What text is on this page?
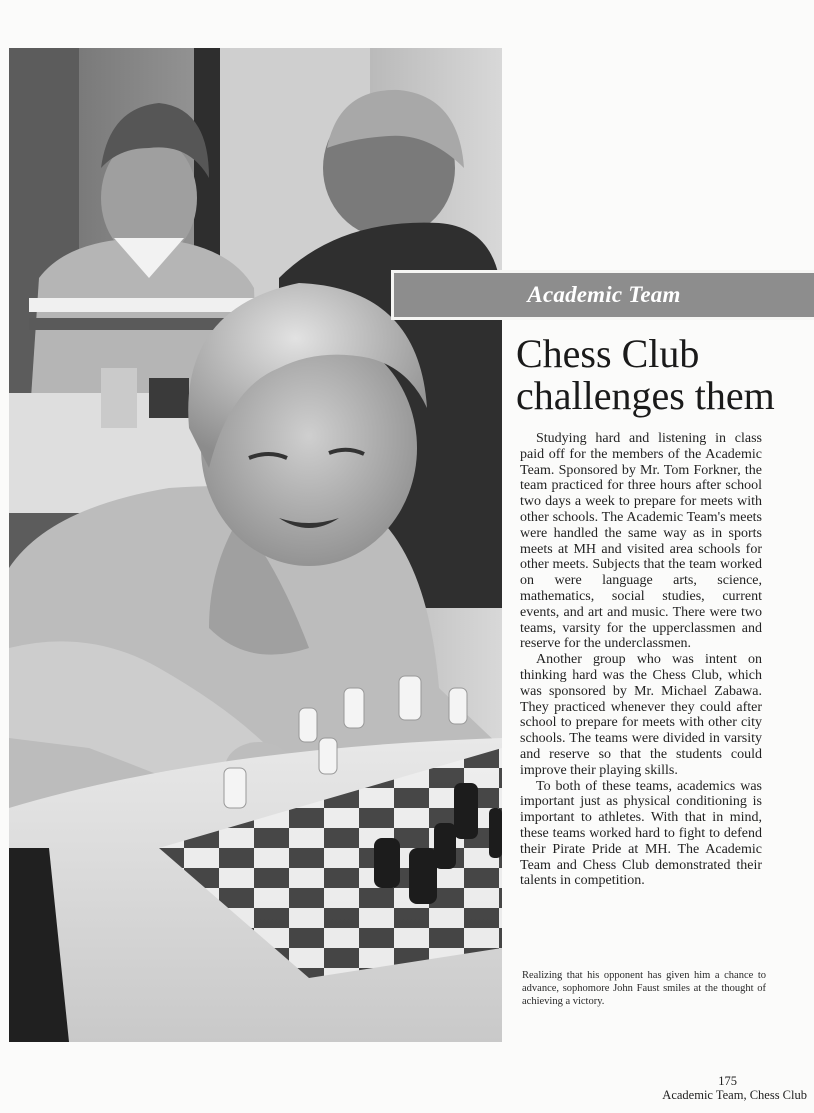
Academic Team
Chess Club
challenges them

Studying hard and listening in class paid off for the members of the Academic Team. Sponsored by Mr. Tom Forkner, the team practiced for three hours after school two days a week to prepare for meets with other schools. The Academic Team's meets were handled the same way as in sports meets at MH and visited area schools for other meets. Subjects that the team worked on were language arts, science, mathematics, social studies, current events, and art and music. There were two teams, varsity for the upperclassmen and reserve for the underclassmen.

Another group who was intent on thinking hard was the Chess Club, which was sponsored by Mr. Michael Zabawa. They practiced whenever they could after school to prepare for meets with other city schools. The teams were divided in varsity and reserve so that the students could improve their playing skills.

To both of these teams, academics was important just as physical conditioning is important to athletes. With that in mind, these teams worked hard to fight to defend their Pirate Pride at MH. The Academic Team and Chess Club demonstrated their talents in competition.

Realizing that his opponent has given him a chance to advance, sophomore John Faust smiles at the thought of achieving a victory.
175
Academic Team, Chess Club
